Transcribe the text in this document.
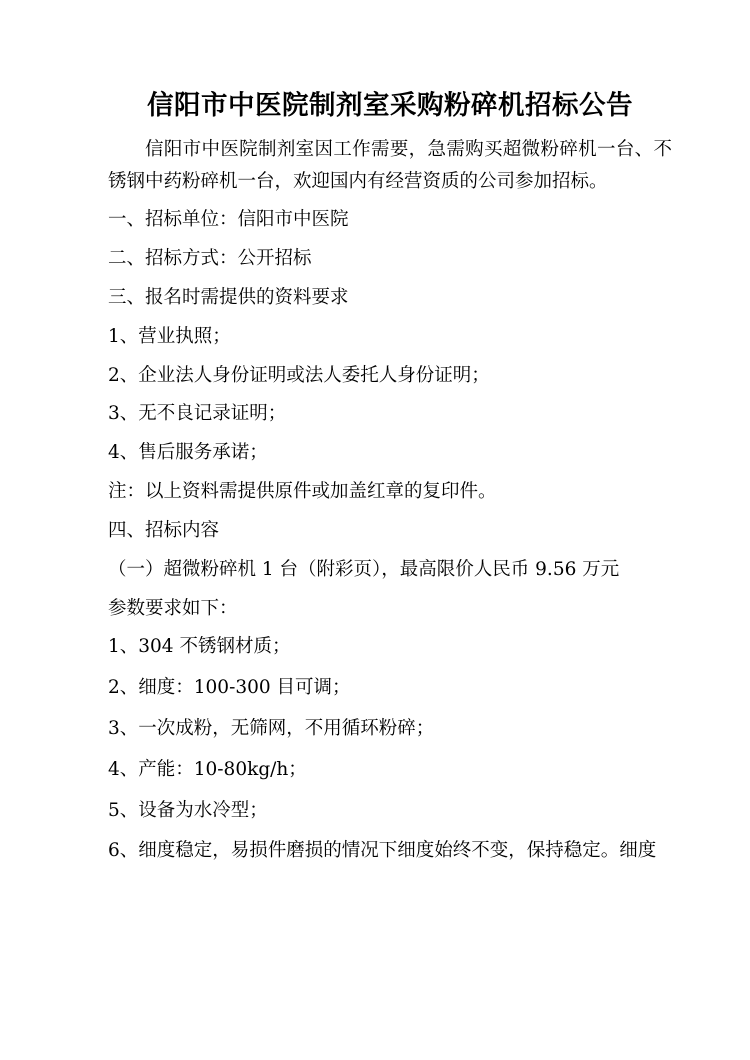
信阳市中医院制剂室采购粉碎机招标公告

信阳市中医院制剂室因工作需要，急需购买超微粉碎机一台、不锈钢中药粉碎机一台，欢迎国内有经营资质的公司参加招标。

一、招标单位：信阳市中医院

二、招标方式：公开招标

三、报名时需提供的资料要求

1、营业执照；

2、企业法人身份证明或法人委托人身份证明；

3、无不良记录证明；

4、售后服务承诺；

注：以上资料需提供原件或加盖红章的复印件。

四、招标内容

（一）超微粉碎机 1 台（附彩页），最高限价人民币 9.56 万元

参数要求如下：

1、304 不锈钢材质；

2、细度：100-300 目可调；

3、一次成粉，无筛网，不用循环粉碎；

4、产能：10-80kg/h；

5、设备为水冷型；

6、细度稳定，易损件磨损的情况下细度始终不变，保持稳定。细度
